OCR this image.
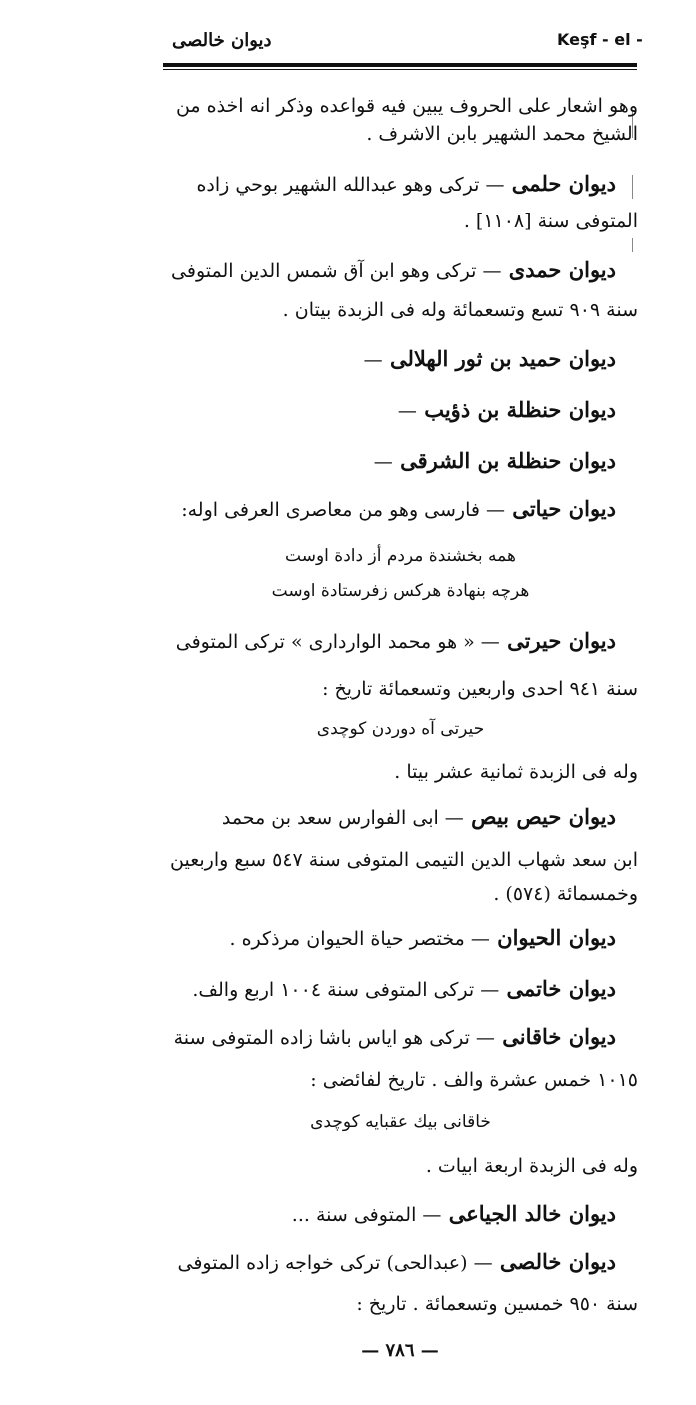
ديوان خالصى	Keşf - el -
وهو اشعار على الحروف يبين فيه قواعده وذكر انه اخذه من
الشيخ محمد الشهير بابن الاشرف .
ديوان حلمى — تركى وهو عبدالله الشهير بوحي زاده
المتوفى سنة [١١٠٨] .
ديوان حمدى — تركى وهو ابن آق شمس الدين المتوفى
سنة ٩٠٩ تسع وتسعمائة وله فى الزبدة بيتان .
ديوان حميد بن ثور الهلالى —
ديوان حنظلة بن ذؤيب —
ديوان حنظلة بن الشرقى —
ديوان حياتى — فارسى وهو من معاصرى العرفى اوله:
همه بخشندة مردم أز دادة اوست
هرچه بنهادة هركس زفرستادة اوست
ديوان حيرتى — « هو محمد الواردارى » تركى المتوفى
سنة ٩٤١ احدى واربعين وتسعمائة تاريخ :
حيرتى آه دوردن كوچدى
وله فى الزبدة ثمانية عشر بيتا .
ديوان حيص بيص — ابى الفوارس سعد بن محمد
ابن سعد شهاب الدين التيمى المتوفى سنة ٥٤٧ سبع واربعين
وخمسمائة (٥٧٤) .
ديوان الحيوان — مختصر حياة الحيوان مرذكره .
ديوان خاتمى — تركى المتوفى سنة ١٠٠٤ اربع والف.
ديوان خاقانى — تركى هو اياس باشا زاده المتوفى سنة
١٠١٥ خمس عشرة والف . تاريخ لفائضى :
خاقانى بيك عقبايه كوچدى
وله فى الزبدة اربعة ابيات .
ديوان خالد الجياعى — المتوفى سنة ...
ديوان خالصى — (عبدالحى) تركى خواجه زاده المتوفى
سنة ٩٥٠ خمسين وتسعمائة . تاريخ :
— ٧٨٦ —
